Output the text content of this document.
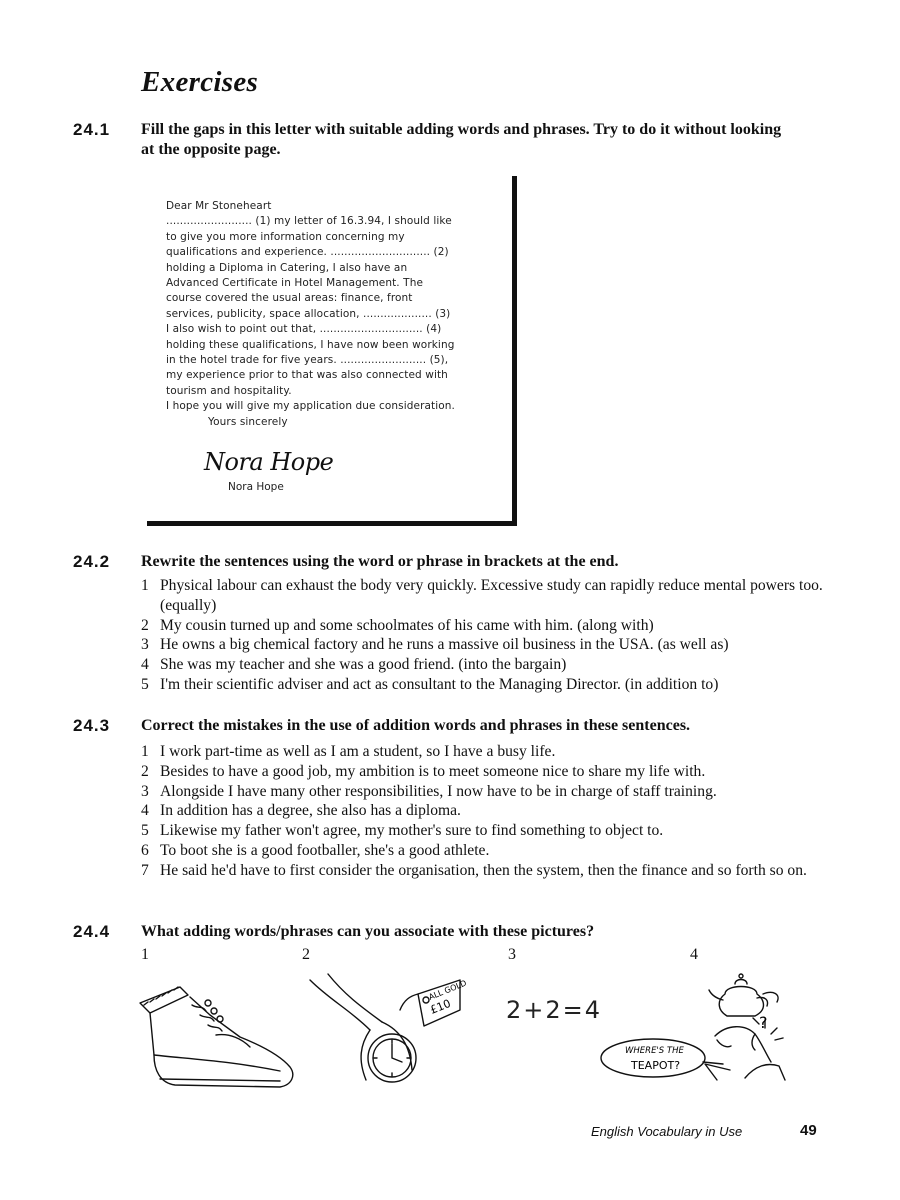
Exercises
24.1 Fill the gaps in this letter with suitable adding words and phrases. Try to do it without looking at the opposite page.
Dear Mr Stoneheart
......................... (1) my letter of 16.3.94, I should like
to give you more information concerning my
qualifications and experience. ............................. (2)
holding a Diploma in Catering, I also have an
Advanced Certificate in Hotel Management. The
course covered the usual areas: finance, front
services, publicity, space allocation, .................... (3)
I also wish to point out that, .............................. (4)
holding these qualifications, I have now been working
in the hotel trade for five years. ......................... (5),
my experience prior to that was also connected with
tourism and hospitality.
I hope you will give my application due consideration.
Yours sincerely
Nora Hope
Nora Hope
24.2 Rewrite the sentences using the word or phrase in brackets at the end.
1 Physical labour can exhaust the body very quickly. Excessive study can rapidly reduce mental powers too. (equally)
2 My cousin turned up and some schoolmates of his came with him. (along with)
3 He owns a big chemical factory and he runs a massive oil business in the USA. (as well as)
4 She was my teacher and she was a good friend. (into the bargain)
5 I'm their scientific adviser and act as consultant to the Managing Director. (in addition to)
24.3 Correct the mistakes in the use of addition words and phrases in these sentences.
1 I work part-time as well as I am a student, so I have a busy life.
2 Besides to have a good job, my ambition is to meet someone nice to share my life with.
3 Alongside I have many other responsibilities, I now have to be in charge of staff training.
4 In addition has a degree, she also has a diploma.
5 Likewise my father won't agree, my mother's sure to find something to object to.
6 To boot she is a good footballer, she's a good athlete.
7 He said he'd have to first consider the organisation, then the system, then the finance and so forth so on.
24.4 What adding words/phrases can you associate with these pictures?
1	2	3	4
ALL GOLD
£10 2+2=4	?
WHERE'S THE
TEAPOT?
English Vocabulary in Use	49
